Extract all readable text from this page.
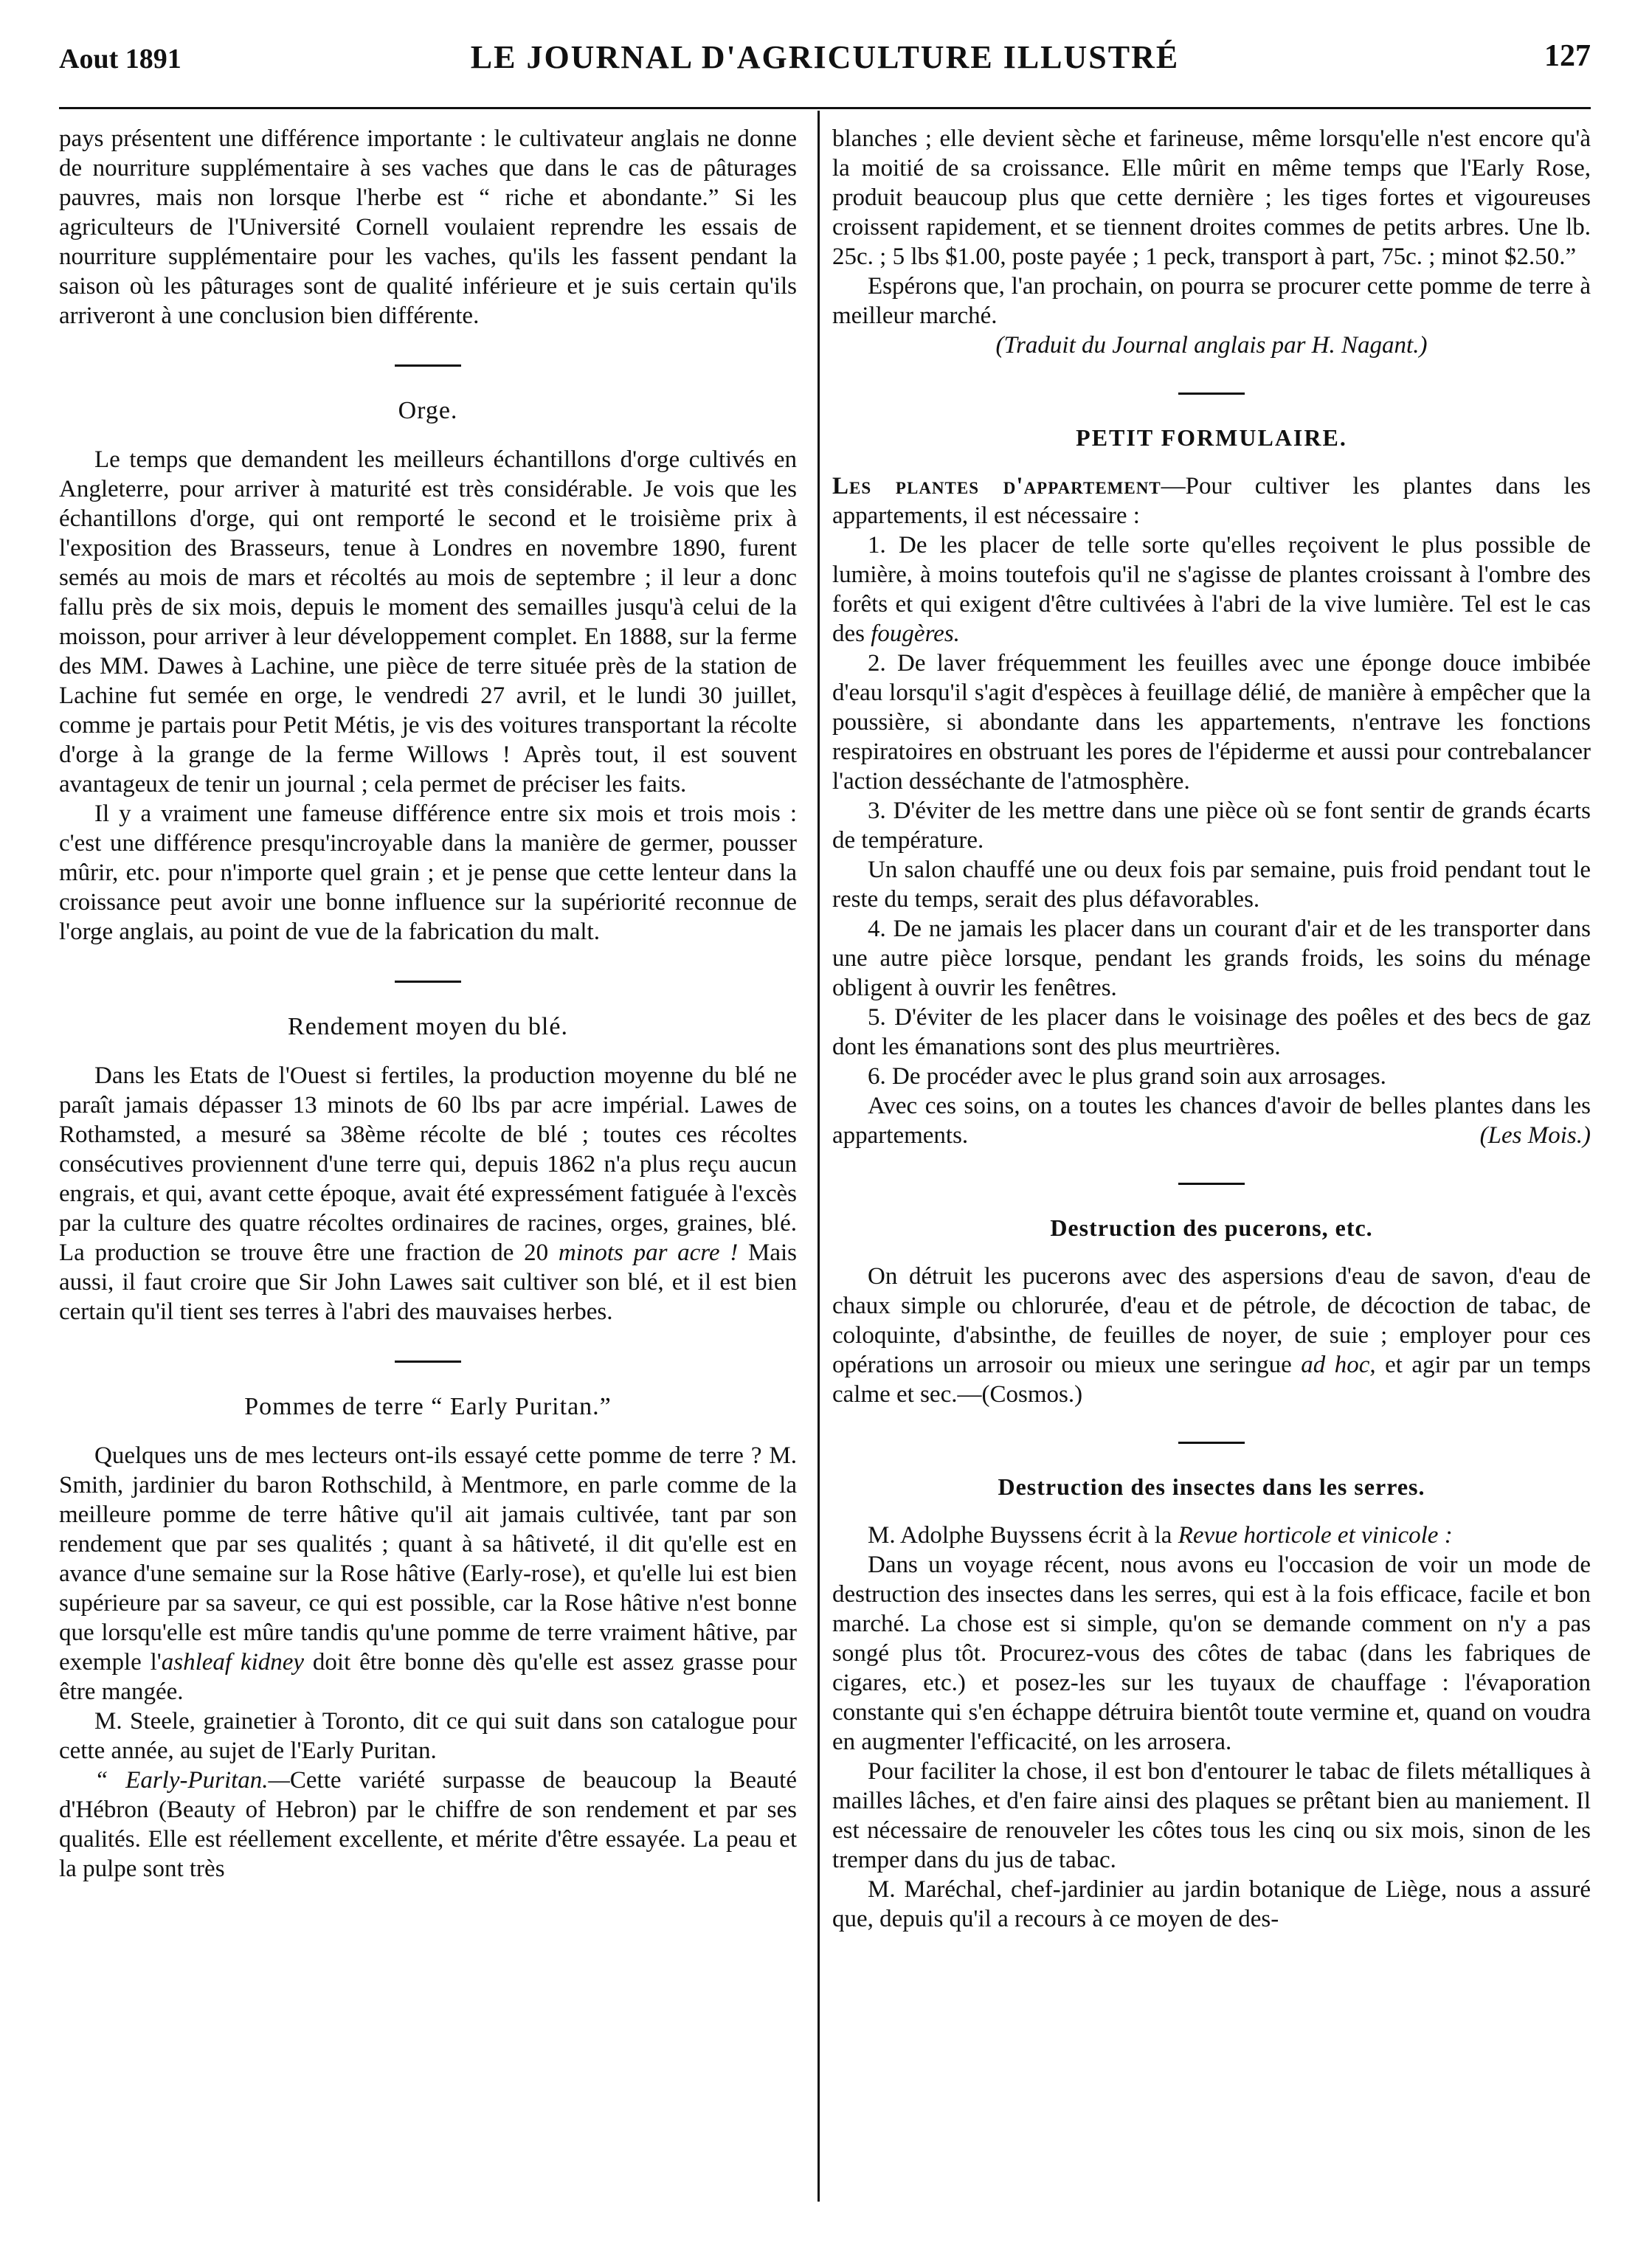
Aout 1891	LE JOURNAL D'AGRICULTURE ILLUSTRÉ	127

pays présentent une différence importante : le cultivateur anglais ne donne de nourriture supplémentaire à ses vaches que dans le cas de pâturages pauvres, mais non lorsque l'herbe est “ riche et abondante.” Si les agriculteurs de l'Université Cornell voulaient reprendre les essais de nourriture supplémentaire pour les vaches, qu'ils les fassent pendant la saison où les pâturages sont de qualité inférieure et je suis certain qu'ils arriveront à une conclusion bien différente.

Orge.

Le temps que demandent les meilleurs échantillons d'orge cultivés en Angleterre, pour arriver à maturité est très considérable. Je vois que les échantillons d'orge, qui ont remporté le second et le troisième prix à l'exposition des Brasseurs, tenue à Londres en novembre 1890, furent semés au mois de mars et récoltés au mois de septembre ; il leur a donc fallu près de six mois, depuis le moment des semailles jusqu'à celui de la moisson, pour arriver à leur développement complet. En 1888, sur la ferme des MM. Dawes à Lachine, une pièce de terre située près de la station de Lachine fut semée en orge, le vendredi 27 avril, et le lundi 30 juillet, comme je partais pour Petit Métis, je vis des voitures transportant la récolte d'orge à la grange de la ferme Willows ! Après tout, il est souvent avantageux de tenir un journal ; cela permet de préciser les faits.

Il y a vraiment une fameuse différence entre six mois et trois mois : c'est une différence presqu'incroyable dans la manière de germer, pousser mûrir, etc. pour n'importe quel grain ; et je pense que cette lenteur dans la croissance peut avoir une bonne influence sur la supériorité reconnue de l'orge anglais, au point de vue de la fabrication du malt.

Rendement moyen du blé.

Dans les Etats de l'Ouest si fertiles, la production moyenne du blé ne paraît jamais dépasser 13 minots de 60 lbs par acre impérial. Lawes de Rothamsted, a mesuré sa 38ème récolte de blé ; toutes ces récoltes consécutives proviennent d'une terre qui, depuis 1862 n'a plus reçu aucun engrais, et qui, avant cette époque, avait été expressément fatiguée à l'excès par la culture des quatre récoltes ordinaires de racines, orges, graines, blé. La production se trouve être une fraction de 20 minots par acre ! Mais aussi, il faut croire que Sir John Lawes sait cultiver son blé, et il est bien certain qu'il tient ses terres à l'abri des mauvaises herbes.

Pommes de terre “ Early Puritan.”

Quelques uns de mes lecteurs ont-ils essayé cette pomme de terre ? M. Smith, jardinier du baron Rothschild, à Mentmore, en parle comme de la meilleure pomme de terre hâtive qu'il ait jamais cultivée, tant par son rendement que par ses qualités ; quant à sa hâtiveté, il dit qu'elle est en avance d'une semaine sur la Rose hâtive (Early-rose), et qu'elle lui est bien supérieure par sa saveur, ce qui est possible, car la Rose hâtive n'est bonne que lorsqu'elle est mûre tandis qu'une pomme de terre vraiment hâtive, par exemple l'ashleaf kidney doit être bonne dès qu'elle est assez grasse pour être mangée.

M. Steele, grainetier à Toronto, dit ce qui suit dans son catalogue pour cette année, au sujet de l'Early Puritan.

“ Early-Puritan.—Cette variété surpasse de beaucoup la Beauté d'Hébron (Beauty of Hebron) par le chiffre de son rendement et par ses qualités. Elle est réellement excellente, et mérite d'être essayée. La peau et la pulpe sont très

blanches ; elle devient sèche et farineuse, même lorsqu'elle n'est encore qu'à la moitié de sa croissance. Elle mûrit en même temps que l'Early Rose, produit beaucoup plus que cette dernière ; les tiges fortes et vigoureuses croissent rapidement, et se tiennent droites commes de petits arbres. Une lb. 25c. ; 5 lbs $1.00, poste payée ; 1 peck, transport à part, 75c. ; minot $2.50.”

Espérons que, l'an prochain, on pourra se procurer cette pomme de terre à meilleur marché.

(Traduit du Journal anglais par H. Nagant.)

PETIT FORMULAIRE.

Les plantes d'appartement—Pour cultiver les plantes dans les appartements, il est nécessaire :

1. De les placer de telle sorte qu'elles reçoivent le plus possible de lumière, à moins toutefois qu'il ne s'agisse de plantes croissant à l'ombre des forêts et qui exigent d'être cultivées à l'abri de la vive lumière. Tel est le cas des fougères.

2. De laver fréquemment les feuilles avec une éponge douce imbibée d'eau lorsqu'il s'agit d'espèces à feuillage délié, de manière à empêcher que la poussière, si abondante dans les appartements, n'entrave les fonctions respiratoires en obstruant les pores de l'épiderme et aussi pour contrebalancer l'action desséchante de l'atmosphère.

3. D'éviter de les mettre dans une pièce où se font sentir de grands écarts de température.

Un salon chauffé une ou deux fois par semaine, puis froid pendant tout le reste du temps, serait des plus défavorables.

4. De ne jamais les placer dans un courant d'air et de les transporter dans une autre pièce lorsque, pendant les grands froids, les soins du ménage obligent à ouvrir les fenêtres.

5. D'éviter de les placer dans le voisinage des poêles et des becs de gaz dont les émanations sont des plus meurtrières.

6. De procéder avec le plus grand soin aux arrosages.

Avec ces soins, on a toutes les chances d'avoir de belles plantes dans les appartements.	(Les Mois.)

Destruction des pucerons, etc.

On détruit les pucerons avec des aspersions d'eau de savon, d'eau de chaux simple ou chlorurée, d'eau et de pétrole, de décoction de tabac, de coloquinte, d'absinthe, de feuilles de noyer, de suie ; employer pour ces opérations un arrosoir ou mieux une seringue ad hoc, et agir par un temps calme et sec.—(Cosmos.)

Destruction des insectes dans les serres.

M. Adolphe Buyssens écrit à la Revue horticole et vinicole :

Dans un voyage récent, nous avons eu l'occasion de voir un mode de destruction des insectes dans les serres, qui est à la fois efficace, facile et bon marché. La chose est si simple, qu'on se demande comment on n'y a pas songé plus tôt. Procurez-vous des côtes de tabac (dans les fabriques de cigares, etc.) et posez-les sur les tuyaux de chauffage : l'évaporation constante qui s'en échappe détruira bientôt toute vermine et, quand on voudra en augmenter l'efficacité, on les arrosera.

Pour faciliter la chose, il est bon d'entourer le tabac de filets métalliques à mailles lâches, et d'en faire ainsi des plaques se prêtant bien au maniement. Il est nécessaire de renouveler les côtes tous les cinq ou six mois, sinon de les tremper dans du jus de tabac.

M. Maréchal, chef-jardinier au jardin botanique de Liège, nous a assuré que, depuis qu'il a recours à ce moyen de des-
